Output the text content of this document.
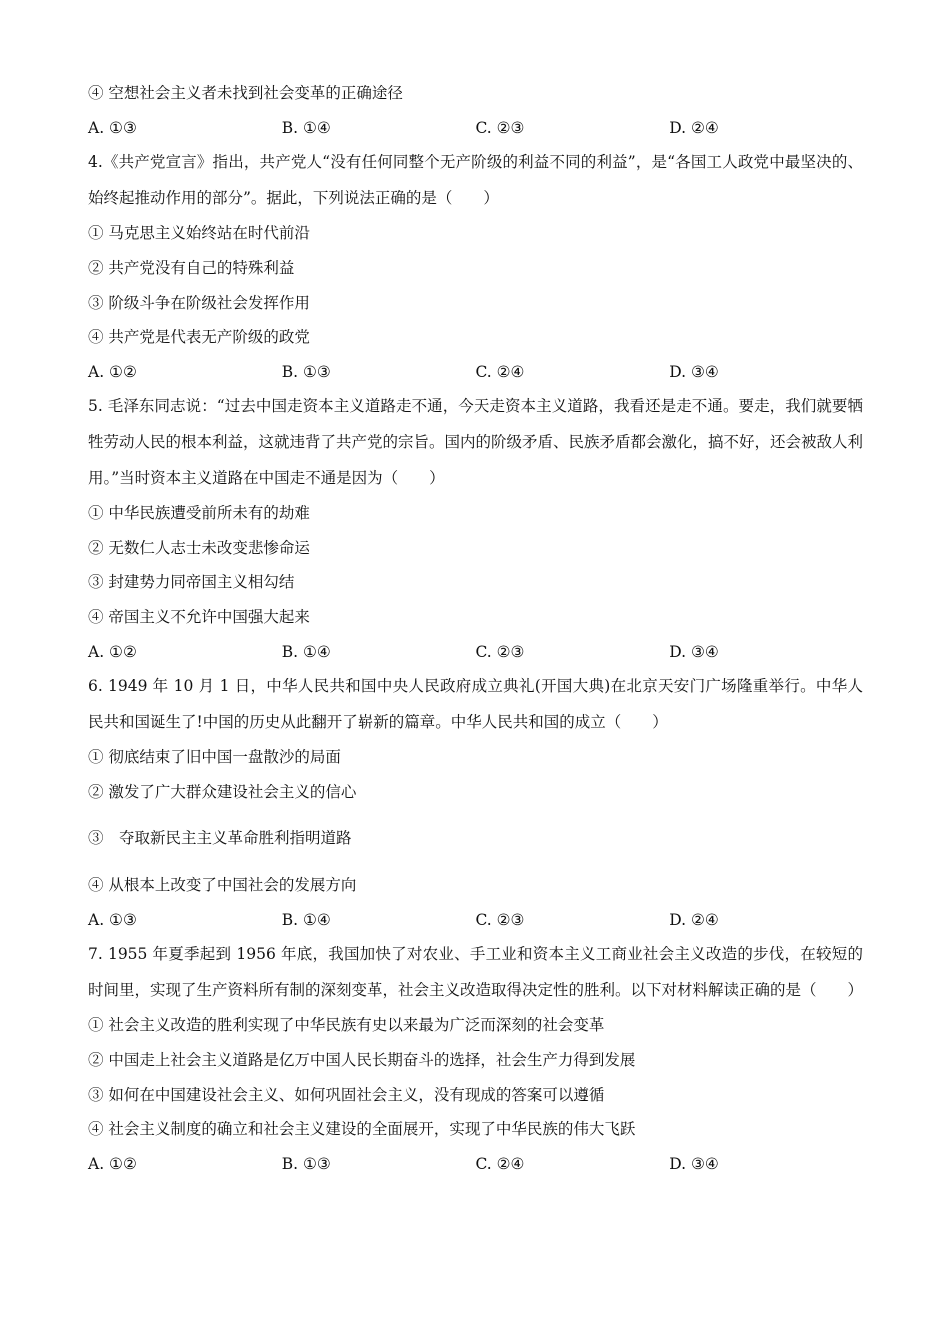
④ 空想社会主义者未找到社会变革的正确途径
A. ①③	B. ①④	C. ②③	D. ②④
4.《共产党宣言》指出，共产党人“没有任何同整个无产阶级的利益不同的利益”，是“各国工人政党中最坚决的、始终起推动作用的部分”。据此，下列说法正确的是（　　）
① 马克思主义始终站在时代前沿
② 共产党没有自己的特殊利益
③ 阶级斗争在阶级社会发挥作用
④ 共产党是代表无产阶级的政党
A. ①②	B. ①③	C. ②④	D. ③④
5. 毛泽东同志说：“过去中国走资本主义道路走不通，今天走资本主义道路，我看还是走不通。要走，我们就要牺牲劳动人民的根本利益，这就违背了共产党的宗旨。国内的阶级矛盾、民族矛盾都会激化，搞不好，还会被敌人利用。”当时资本主义道路在中国走不通是因为（　　）
① 中华民族遭受前所未有的劫难
② 无数仁人志士未改变悲惨命运
③ 封建势力同帝国主义相勾结
④ 帝国主义不允许中国强大起来
A. ①②	B. ①④	C. ②③	D. ③④
6. 1949 年 10 月 1 日，中华人民共和国中央人民政府成立典礼(开国大典)在北京天安门广场隆重举行。中华人民共和国诞生了!中国的历史从此翻开了崭新的篇章。中华人民共和国的成立（　　）
① 彻底结束了旧中国一盘散沙的局面
② 激发了广大群众建设社会主义的信心
③　夺取新民主主义革命胜利指明道路
④ 从根本上改变了中国社会的发展方向
A. ①③	B. ①④	C. ②③	D. ②④
7. 1955 年夏季起到 1956 年底，我国加快了对农业、手工业和资本主义工商业社会主义改造的步伐，在较短的时间里，实现了生产资料所有制的深刻变革，社会主义改造取得决定性的胜利。以下对材料解读正确的是（　　）
① 社会主义改造的胜利实现了中华民族有史以来最为广泛而深刻的社会变革
② 中国走上社会主义道路是亿万中国人民长期奋斗的选择，社会生产力得到发展
③ 如何在中国建设社会主义、如何巩固社会主义，没有现成的答案可以遵循
④ 社会主义制度的确立和社会主义建设的全面展开，实现了中华民族的伟大飞跃
A. ①②	B. ①③	C. ②④	D. ③④
